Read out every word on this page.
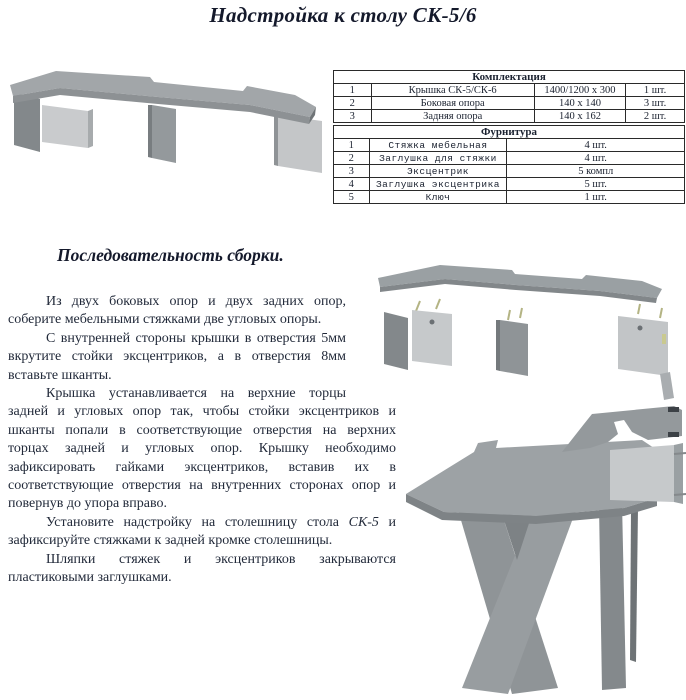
Надстройка к столу СК-5/6
Комплектация			
1	Крышка СК-5/СК-6	1400/1200 x 300	1 шт.
2	Боковая опора	140 x 140	3 шт.
3	Задняя опора	140 x 162	2 шт.
Фурнитура		
1	Стяжка мебельная	4 шт.
2	Заглушка для стяжки	4 шт.
3	Эксцентрик	5 компл
4	Заглушка эксцентрика	5 шт.
5	Ключ	1 шт.
Последовательность сборки.

Из двух боковых опор и двух задних опор, соберите мебельными стяжками две угловых опоры.

С внутренней стороны крышки в отверстия 5мм вкрутите стойки эксцентриков, а в отверстия 8мм вставьте шканты.

Крышка устанавливается на верхние торцы задней и угловых опор так, чтобы стойки эксцентриков и шканты попали в соответствующие отверстия на верхних торцах задней и угловых опор. Крышку необходимо зафиксировать гайками эксцентриков, вставив их в соответствующие отверстия на внутренних сторонах опор и повернув до упора вправо.

Установите надстройку на столешницу стола СК-5 и зафиксируйте стяжками к задней кромке столешницы.

Шляпки стяжек и эксцентриков закрываются пластиковыми заглушками.
